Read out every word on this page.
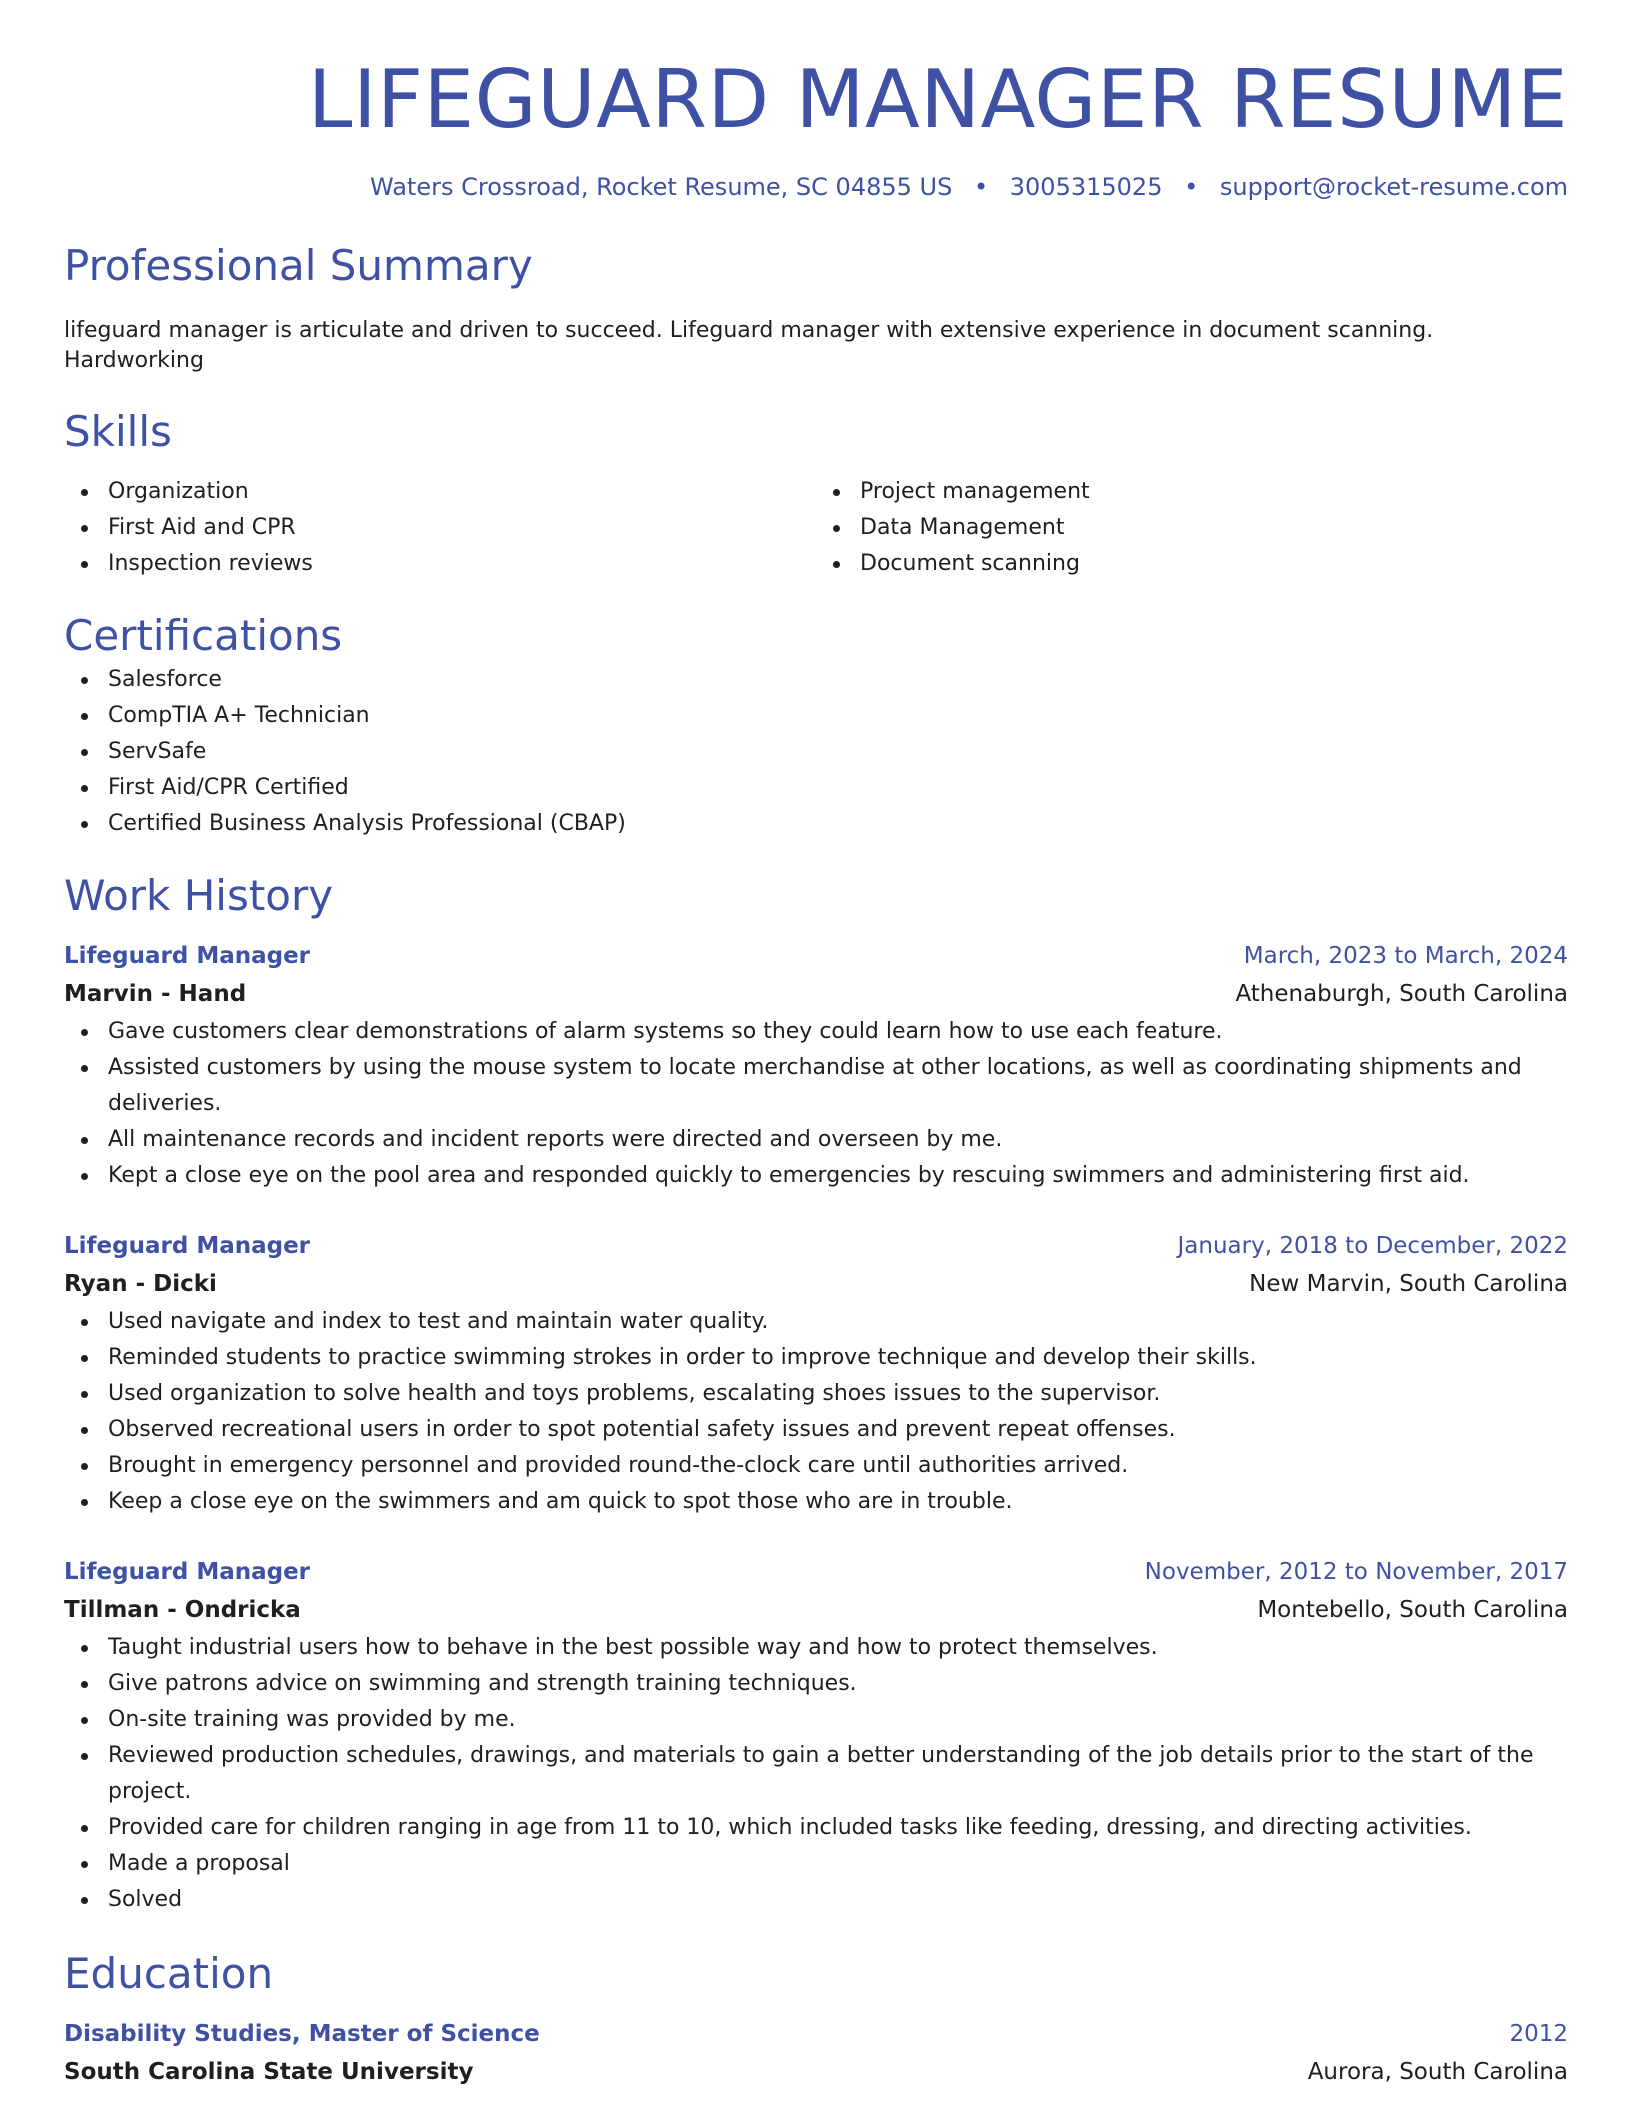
LIFEGUARD MANAGER RESUME
Waters Crossroad, Rocket Resume, SC 04855 US • 3005315025 • support@rocket-resume.com
Professional Summary
lifeguard manager is articulate and driven to succeed. Lifeguard manager with extensive experience in document scanning. Hardworking
Skills
Organization
First Aid and CPR
Inspection reviews
Project management
Data Management
Document scanning
Certifications
Salesforce
CompTIA A+ Technician
ServSafe
First Aid/CPR Certified
Certified Business Analysis Professional (CBAP)
Work History
Lifeguard Manager	March, 2023 to March, 2024
Marvin - Hand	Athenaburgh, South Carolina
Gave customers clear demonstrations of alarm systems so they could learn how to use each feature.
Assisted customers by using the mouse system to locate merchandise at other locations, as well as coordinating shipments and deliveries.
All maintenance records and incident reports were directed and overseen by me.
Kept a close eye on the pool area and responded quickly to emergencies by rescuing swimmers and administering first aid.
Lifeguard Manager	January, 2018 to December, 2022
Ryan - Dicki	New Marvin, South Carolina
Used navigate and index to test and maintain water quality.
Reminded students to practice swimming strokes in order to improve technique and develop their skills.
Used organization to solve health and toys problems, escalating shoes issues to the supervisor.
Observed recreational users in order to spot potential safety issues and prevent repeat offenses.
Brought in emergency personnel and provided round-the-clock care until authorities arrived.
Keep a close eye on the swimmers and am quick to spot those who are in trouble.
Lifeguard Manager	November, 2012 to November, 2017
Tillman - Ondricka	Montebello, South Carolina
Taught industrial users how to behave in the best possible way and how to protect themselves.
Give patrons advice on swimming and strength training techniques.
On-site training was provided by me.
Reviewed production schedules, drawings, and materials to gain a better understanding of the job details prior to the start of the project.
Provided care for children ranging in age from 11 to 10, which included tasks like feeding, dressing, and directing activities.
Made a proposal
Solved
Education
Disability Studies, Master of Science	2012
South Carolina State University	Aurora, South Carolina
